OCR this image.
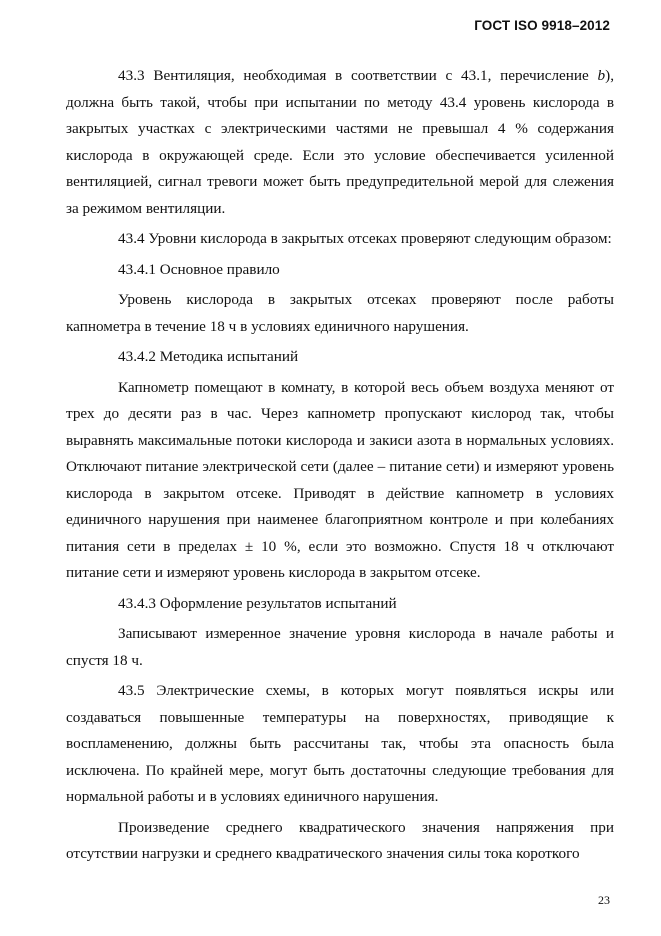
ГОСТ ISO 9918–2012

43.3 Вентиляция, необходимая в соответствии с 43.1, перечисление b), должна быть такой, чтобы при испытании по методу 43.4 уровень кислорода в закрытых участках с электрическими частями не превышал 4 % содержания кислорода в окружающей среде. Если это условие обеспечивается усиленной вентиляцией, сигнал тревоги может быть предупредительной мерой для слежения за режимом вентиляции.

43.4 Уровни кислорода в закрытых отсеках проверяют следующим образом:

43.4.1 Основное правило

Уровень кислорода в закрытых отсеках проверяют после работы капнометра в течение 18 ч в условиях единичного нарушения.

43.4.2 Методика испытаний

Капнометр помещают в комнату, в которой весь объем воздуха меняют от трех до десяти раз в час. Через капнометр пропускают кислород так, чтобы выравнять максимальные потоки кислорода и закиси азота в нормальных условиях. Отключают питание электрической сети (далее – питание сети) и измеряют уровень кислорода в закрытом отсеке. Приводят в действие капнометр в условиях единичного нарушения при наименее благоприятном контроле и при колебаниях питания сети в пределах ± 10 %, если это возможно. Спустя 18 ч отключают питание сети и измеряют уровень кислорода в закрытом отсеке.

43.4.3 Оформление результатов испытаний

Записывают измеренное значение уровня кислорода в начале работы и спустя 18 ч.

43.5 Электрические схемы, в которых могут появляться искры или создаваться повышенные температуры на поверхностях, приводящие к воспламенению, должны быть рассчитаны так, чтобы эта опасность была исключена. По крайней мере, могут быть достаточны следующие требования для нормальной работы и в условиях единичного нарушения.

Произведение среднего квадратического значения напряжения при отсутствии нагрузки и среднего квадратического значения силы тока короткого

23
